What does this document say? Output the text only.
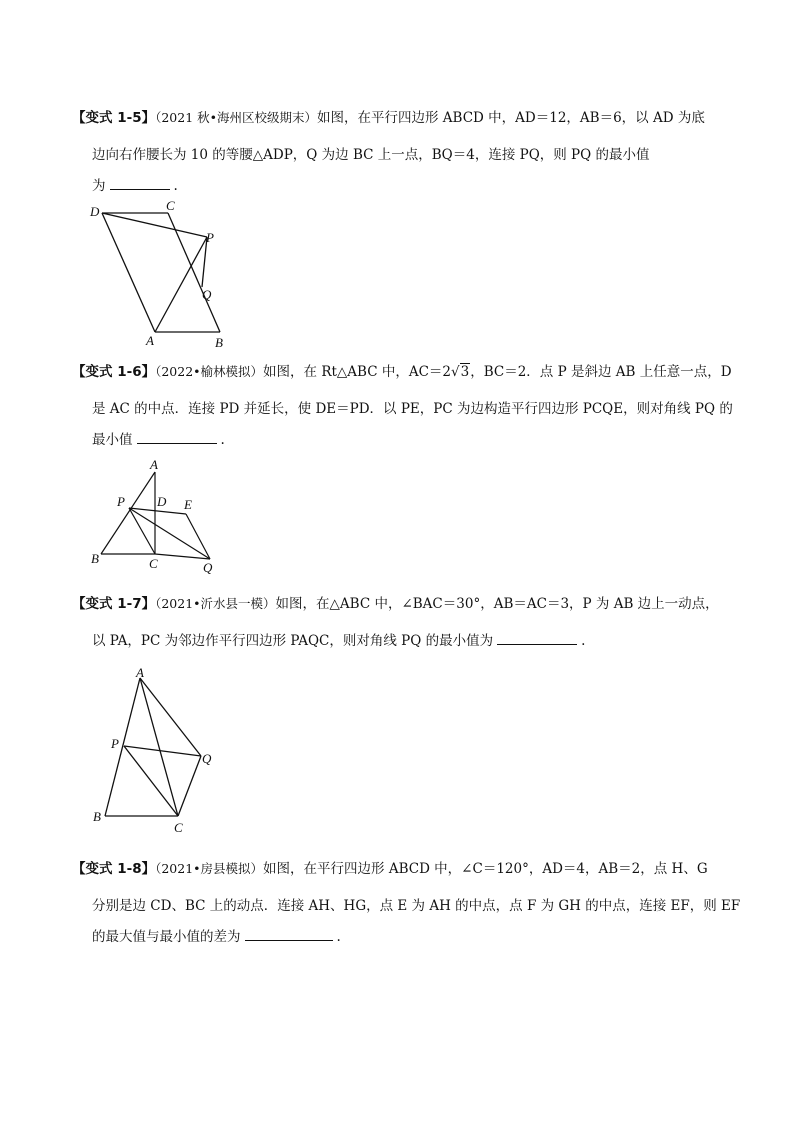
【变式 1-5】（2021 秋•海州区校级期末）如图，在平行四边形 ABCD 中，AD＝12，AB＝6，以 AD 为底
边向右作腰长为 10 的等腰△ADP，Q 为边 BC 上一点，BQ＝4，连接 PQ，则 PQ 的最小值
为	.
D	C
P
Q
A	B
【变式 1-6】（2022•榆林模拟）如图，在 Rt△ABC 中，AC＝2√3，BC＝2．点 P 是斜边 AB 上任意一点，D
是 AC 的中点．连接 PD 并延长，使 DE＝PD．以 PE，PC 为边构造平行四边形 PCQE，则对角线 PQ 的
最小值	.
A
P D E
B	C	Q
【变式 1-7】（2021•沂水县一模）如图，在△ABC 中，∠BAC＝30°，AB＝AC＝3，P 为 AB 边上一动点，
以 PA，PC 为邻边作平行四边形 PAQC，则对角线 PQ 的最小值为	.
A
P
Q
B
C
【变式 1-8】（2021•房县模拟）如图，在平行四边形 ABCD 中，∠C＝120°，AD＝4，AB＝2，点 H、G
分别是边 CD、BC 上的动点．连接 AH、HG，点 E 为 AH 的中点，点 F 为 GH 的中点，连接 EF，则 EF
的最大值与最小值的差为	.
